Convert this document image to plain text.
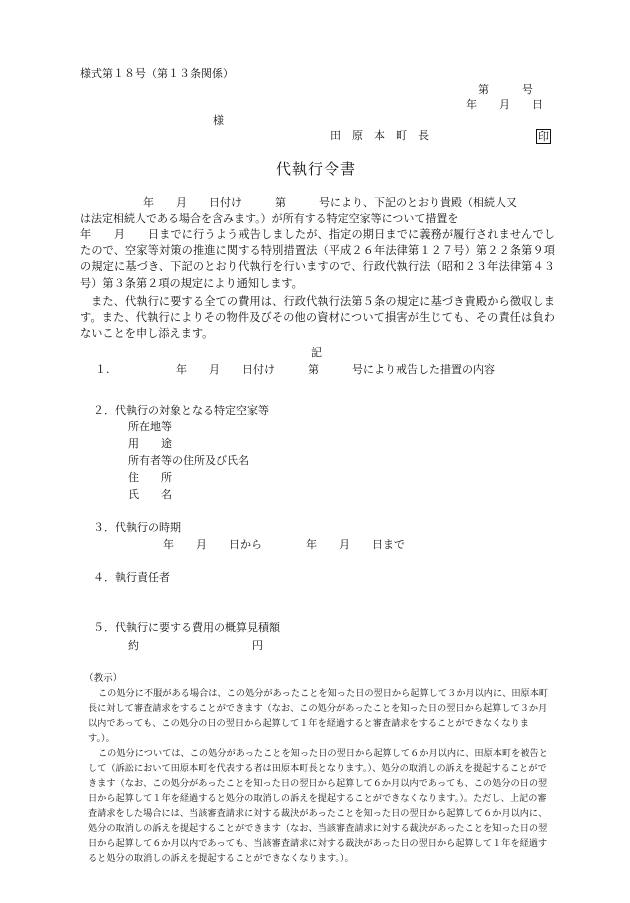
様式第１８号（第１３条関係）
第　　　号
年　　月　　日
様
田　原　本　町　長	印
代執行令書
年　　月　　日付け　　　第　　　号により、下記のとおり貴殿（相続人又
は法定相続人である場合を含みます。）が所有する特定空家等について措置を
年　　月　　日までに行うよう戒告しましたが、指定の期日までに義務が履行されませんでしたので、空家等対策の推進に関する特別措置法（平成２６年法律第１２７号）第２２条第９項の規定に基づき、下記のとおり代執行を行いますので、行政代執行法（昭和２３年法律第４３号）第３条第２項の規定により通知します。
また、代執行に要する全ての費用は、行政代執行法第５条の規定に基づき貴殿から徴収します。また、代執行によりその物件及びその他の資材について損害が生じても、その責任は負わないことを申し添えます。
記
１.	年　　月　　日付け　　　第　　　号により戒告した措置の内容
２．代執行の対象となる特定空家等
所在地等
用　　途
所有者等の住所及び氏名
住　　所
氏　　名
３．代執行の時期
年　　月　　日から　　　　年　　月　　日まで
４．執行責任者
５．代執行に要する費用の概算見積額
約	円
（教示）

この処分に不服がある場合は、この処分があったことを知った日の翌日から起算して３か月以内に、田原本町長に対して審査請求をすることができます（なお、この処分があったことを知った日の翌日から起算して３か月以内であっても、この処分の日の翌日から起算して１年を経過すると審査請求をすることができなくなります。）。

この処分については、この処分があったことを知った日の翌日から起算して６か月以内に、田原本町を被告として（訴訟において田原本町を代表する者は田原本町長となります。）、処分の取消しの訴えを提起することができます（なお、この処分があったことを知った日の翌日から起算して６か月以内であっても、この処分の日の翌日から起算して１年を経過すると処分の取消しの訴えを提起することができなくなります。）。ただし、上記の審査請求をした場合には、当該審査請求に対する裁決があったことを知った日の翌日から起算して６か月以内に、処分の取消しの訴えを提起することができます（なお、当該審査請求に対する裁決があったことを知った日の翌日から起算して６か月以内であっても、当該審査請求に対する裁決があった日の翌日から起算して１年を経過すると処分の取消しの訴えを提起することができなくなります。）。
